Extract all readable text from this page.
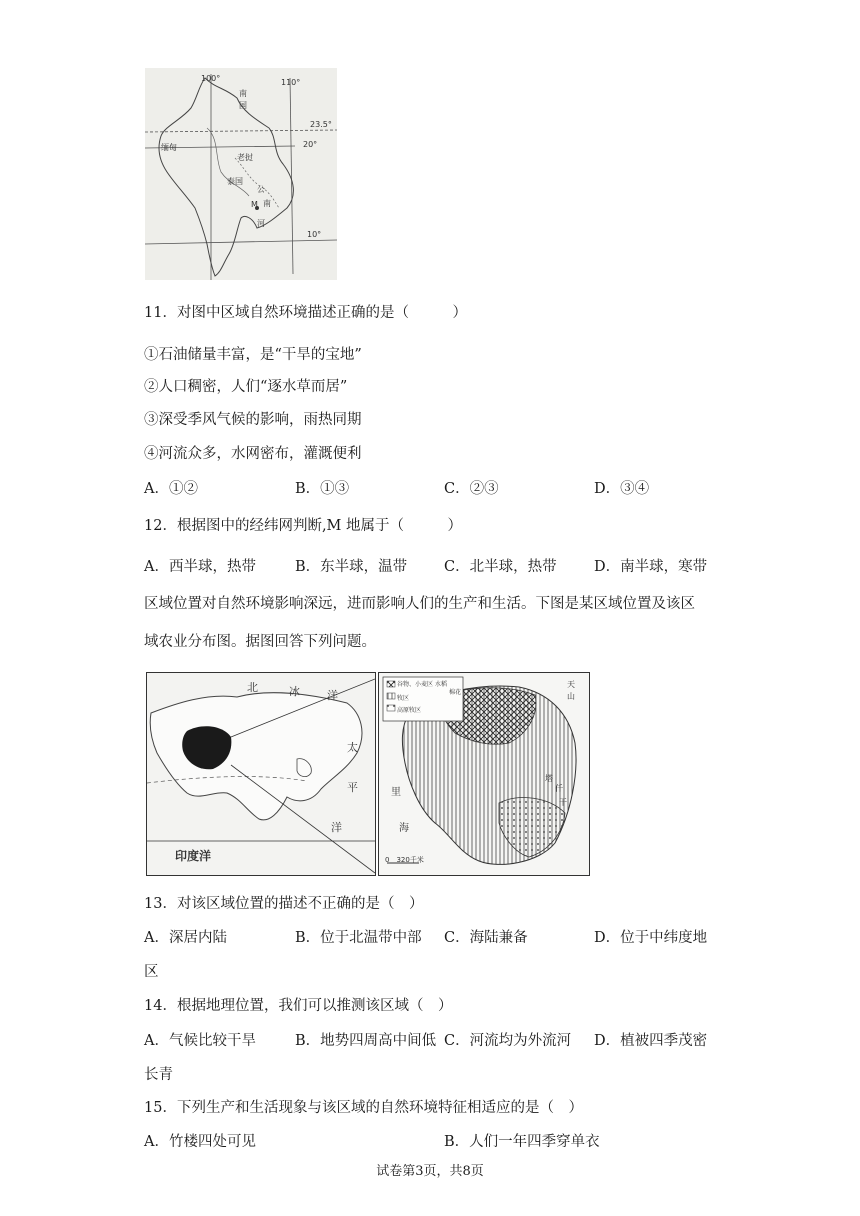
100°	110°
23.5°
20°
10°
缅甸
泰国
M 南
公
河
老挝
南
国
11．对图中区域自然环境描述正确的是（　　　）
①石油储量丰富，是“干旱的宝地”
②人口稠密，人们“逐水草而居”
③深受季风气候的影响，雨热同期
④河流众多，水网密布，灌溉便利
A．①②	B．①③	C．②③	D．③④
12．根据图中的经纬网判断,M 地属于（　　　）
A．西半球，热带	B．东半球，温带	C．北半球，热带	D．南半球，寒带
区域位置对自然环境影响深远，进而影响人们的生产和生活。下图是某区域位置及该区
域农业分布图。据图回答下列问题。
北	冰 洋
太
平
洋
印度洋
谷物、小麦区 水稻
棉花
牧区
高原牧区
0　320千米
里
海
天
山
塔
仟
干
13．对该区域位置的描述不正确的是（　）
A．深居内陆	B．位于北温带中部 C．海陆兼备	D．位于中纬度地
区
14．根据地理位置，我们可以推测该区域（　）
A．气候比较干旱	B．地势四周高中间低 C．河流均为外流河 D．植被四季茂密
长青
15．下列生产和生活现象与该区域的自然环境特征相适应的是（　）
A．竹楼四处可见	B．人们一年四季穿单衣
试卷第3页，共8页
